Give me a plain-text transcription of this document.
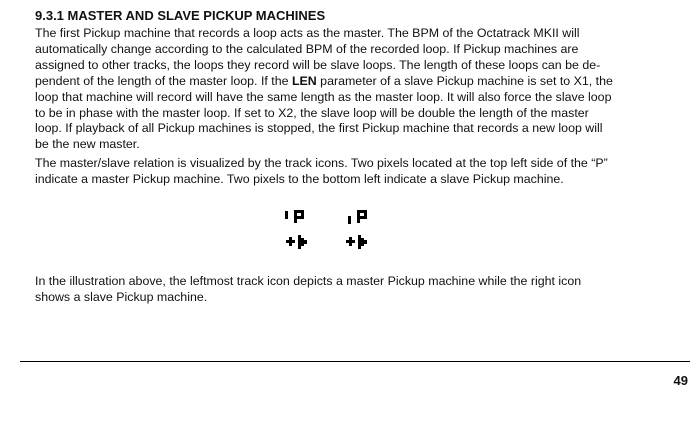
9.3.1 MASTER AND SLAVE PICKUP MACHINES
The first Pickup machine that records a loop acts as the master. The BPM of the Octatrack MKII will
automatically change according to the calculated BPM of the recorded loop. If Pickup machines are
assigned to other tracks, the loops they record will be slave loops. The length of these loops can be de-
pendent of the length of the master loop. If the LEN parameter of a slave Pickup machine is set to X1, the
loop that machine will record will have the same length as the master loop. It will also force the slave loop
to be in phase with the master loop. If set to X2, the slave loop will be double the length of the master
loop. If playback of all Pickup machines is stopped, the first Pickup machine that records a new loop will
be the new master.
The master/slave relation is visualized by the track icons. Two pixels located at the top left side of the “P”
indicate a master Pickup machine. Two pixels to the bottom left indicate a slave Pickup machine.
In the illustration above, the leftmost track icon depicts a master Pickup machine while the right icon
shows a slave Pickup machine.
49
